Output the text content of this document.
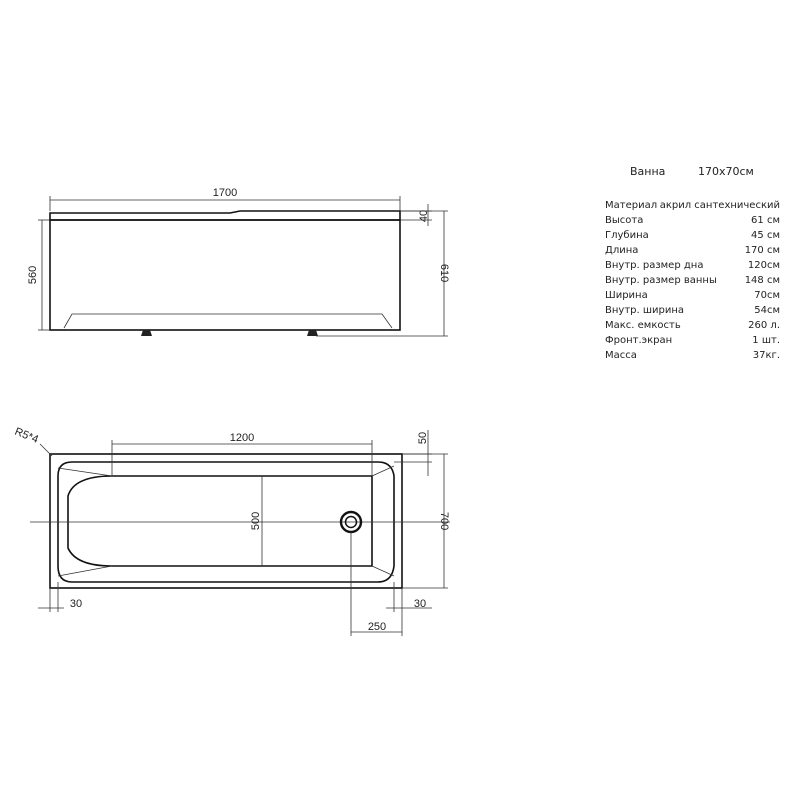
1700
40
560	610
R5*4	1200	50
500	700
30	30
250
Ванна	170х70см
Материал акрил сантехнический
Высота	61 см
Глубина	45 см
Длина	170 см
Внутр. размер дна	120см
Внутр. размер ванны	148 см
Ширина	70см
Внутр. ширина	54см
Макс. емкость	260 л.
Фронт.экран	1 шт.
Масса	37кг.
